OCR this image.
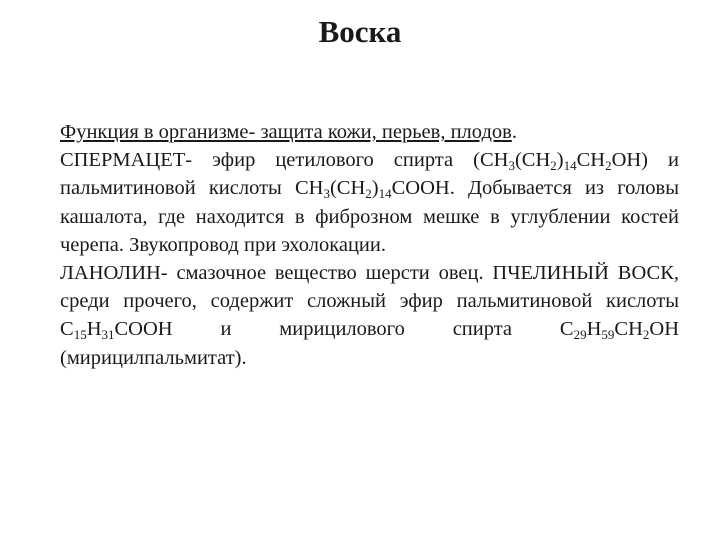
Воска

Функция в организме- защита кожи, перьев, плодов.

СПЕРМАЦЕТ- эфир цетилового спирта $(СН_3(СН_2)_{14}СН_2ОН)$ и пальмитиновой кислоты $СН_3(СН_2)_{14}СООН$. Добывается из головы кашалота, где находится в фиброзном мешке в углублении костей черепа. Звукопровод при эхолокации.

ЛАНОЛИН- смазочное вещество шерсти овец. ПЧЕЛИНЫЙ ВОСК, среди прочего, содержит сложный эфир пальмитиновой кислоты $С_{15}Н_{31}СООН$ и мирицилового спирта $С_{29}Н_{59}СН_2ОН$ (мирицилпальмитат).
